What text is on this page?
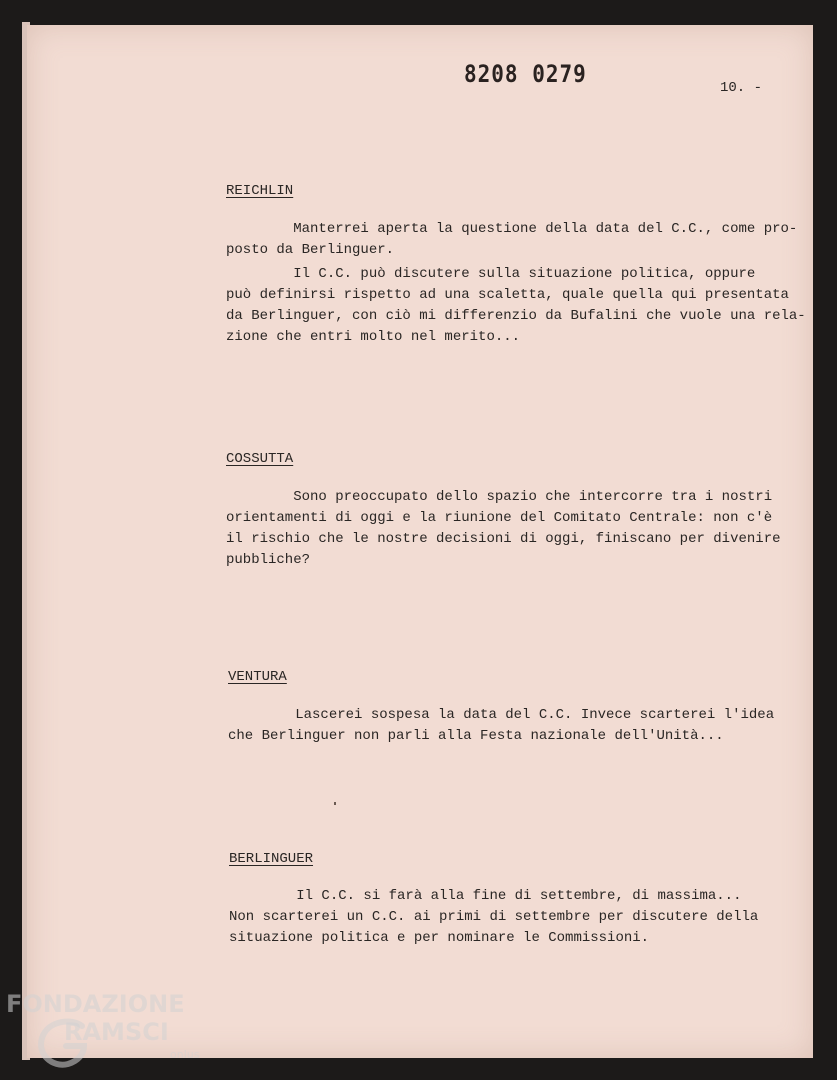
8208 0279
10. -
REICHLIN

Manterrei aperta la questione della data del C.C., come pro-
posto da Berlinguer.

Il C.C. può discutere sulla situazione politica, oppure
può definirsi rispetto ad una scaletta, quale quella qui presentata
da Berlinguer, con ciò mi differenzio da Bufalini che vuole una rela-
zione che entri molto nel merito...

COSSUTTA

Sono preoccupato dello spazio che intercorre tra i nostri
orientamenti di oggi e la riunione del Comitato Centrale: non c'è
il rischio che le nostre decisioni di oggi, finiscano per divenire
pubbliche?

VENTURA

Lascerei sospesa la data del C.C. Invece scarterei l'idea
che Berlinguer non parli alla Festa nazionale dell'Unità...

BERLINGUER

Il C.C. si farà alla fine di settembre, di massima...
Non scarterei un C.C. ai primi di settembre per discutere della
situazione politica e per nominare le Commissioni.

FONDAZIONE
RAMSCI
onlus
